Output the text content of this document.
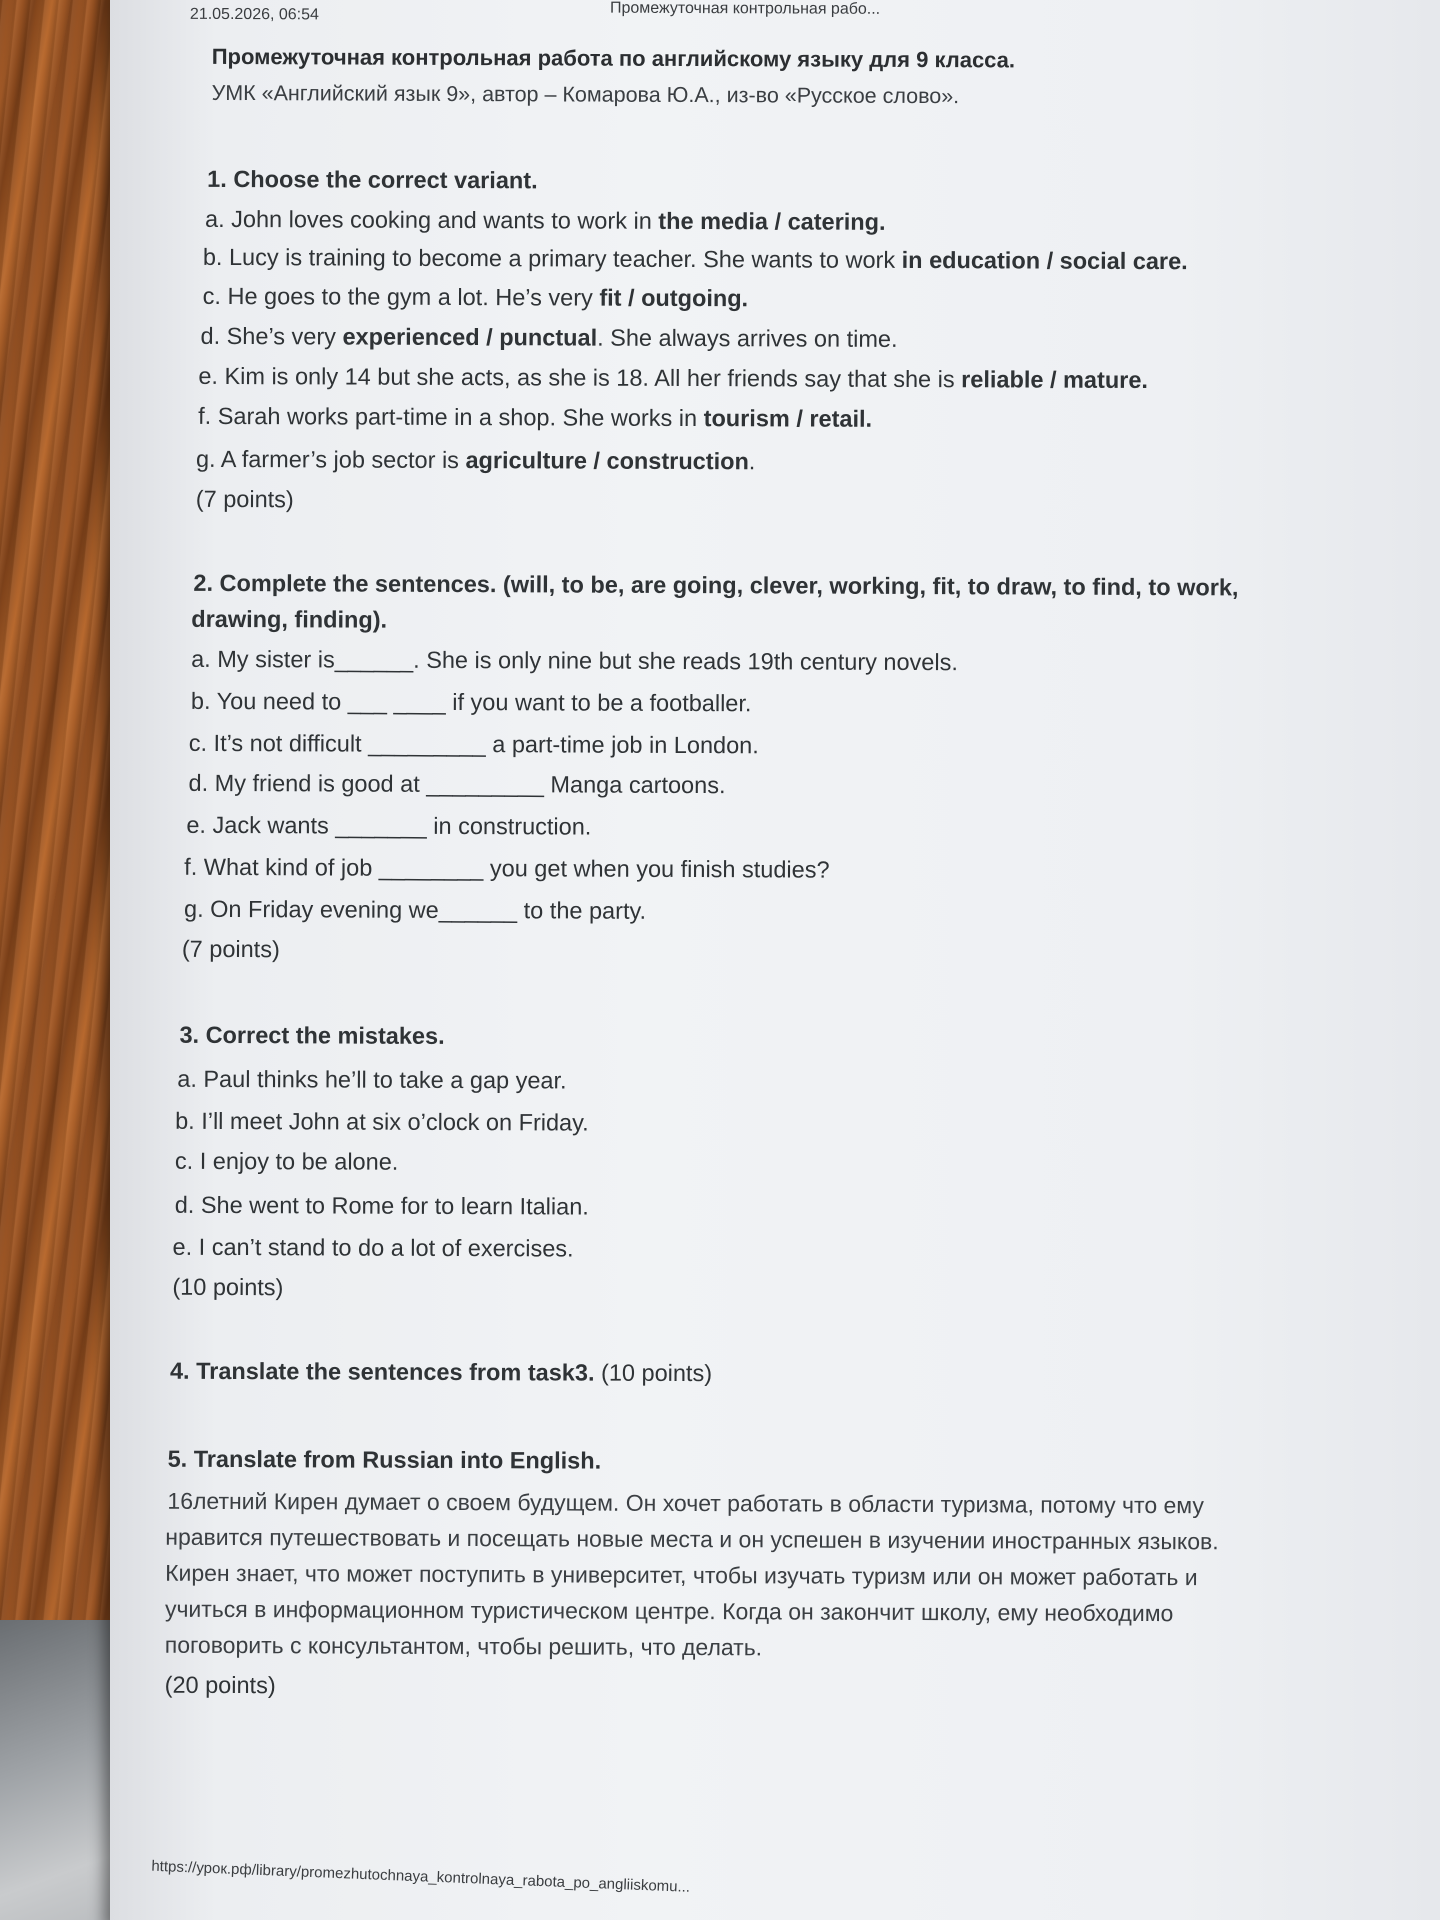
21.05.2026, 06:54	Промежуточная контрольная рабо...
Промежуточная контрольная работа по английскому языку для 9 класса.
УМК «Английский язык 9», автор – Комарова Ю.А., из-во «Русское слово».
1. Choose the correct variant.
a. John loves cooking and wants to work in the media / catering.
b. Lucy is training to become a primary teacher. She wants to work in education / social care.
c. He goes to the gym a lot. He’s very fit / outgoing.
d. She’s very experienced / punctual. She always arrives on time.
e. Kim is only 14 but she acts, as she is 18. All her friends say that she is reliable / mature.
f. Sarah works part-time in a shop. She works in tourism / retail.
g. A farmer’s job sector is agriculture / construction.
(7 points)
2. Complete the sentences. (will, to be, are going, clever, working, fit, to draw, to find, to work,
drawing, finding).
a. My sister is______. She is only nine but she reads 19th century novels.
b. You need to ___ ____ if you want to be a footballer.
c. It’s not difficult _________ a part-time job in London.
d. My friend is good at _________ Manga cartoons.
e. Jack wants _______ in construction.
f. What kind of job ________ you get when you finish studies?
g. On Friday evening we______ to the party.
(7 points)
3. Correct the mistakes.
a. Paul thinks he’ll to take a gap year.
b. I’ll meet John at six o’clock on Friday.
c. I enjoy to be alone.
d. She went to Rome for to learn Italian.
e. I can’t stand to do a lot of exercises.
(10 points)
4. Translate the sentences from task3. (10 points)
5. Translate from Russian into English.
16летний Кирен думает о своем будущем. Он хочет работать в области туризма, потому что ему
нравится путешествовать и посещать новые места и он успешен в изучении иностранных языков.
Кирен знает, что может поступить в университет, чтобы изучать туризм или он может работать и
учиться в информационном туристическом центре. Когда он закончит школу, ему необходимо
поговорить с консультантом, чтобы решить, что делать.
(20 points)
https://урок.рф/library/promezhutochnaya_kontrolnaya_rabota_po_angliiskomu...
